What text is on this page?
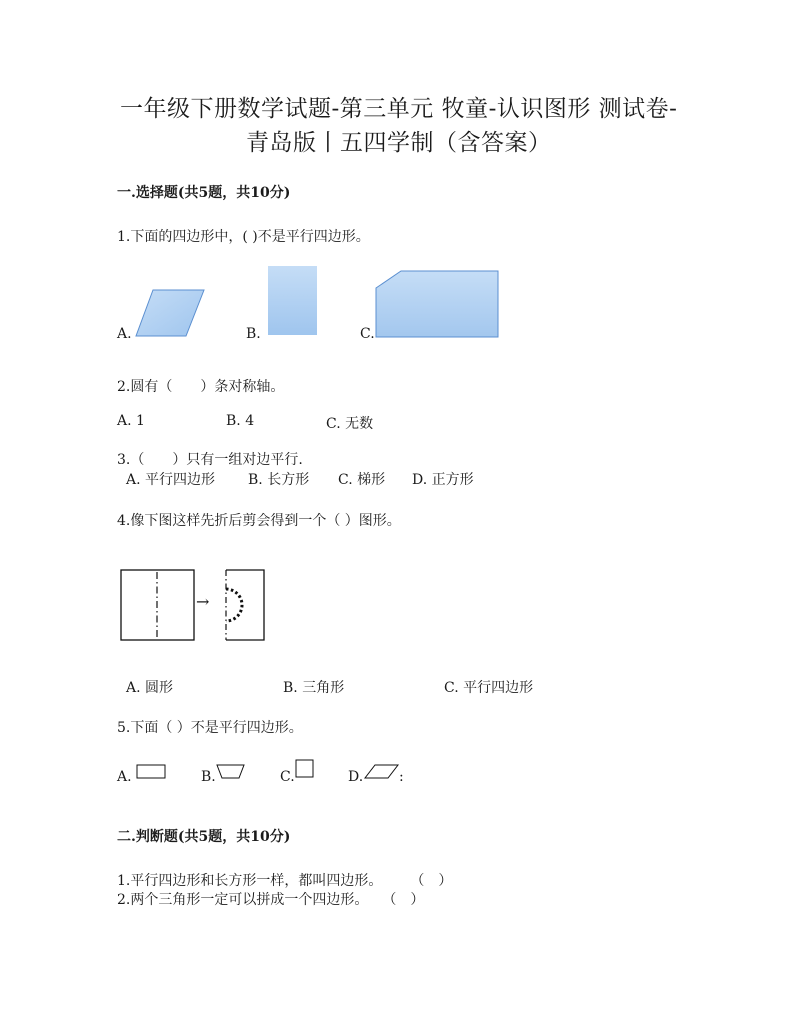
一年级下册数学试题-第三单元 牧童-认识图形 测试卷-
青岛版丨五四学制（含答案）
一.选择题(共5题，共10分)
1.下面的四边形中，( )不是平行四边形。
A.	B.	C.
2.圆有（　　）条对称轴。
A. 1	B. 4	C. 无数
3.（　　）只有一组对边平行.
A. 平行四边形 B. 长方形 C. 梯形 D. 正方形
4.像下图这样先折后剪会得到一个（ ）图形。
→
A. 圆形	B. 三角形	C. 平行四边形
5.下面（ ）不是平行四边形。
A.	B.	C.	D.	:
二.判断题(共5题，共10分)
1.平行四边形和长方形一样，都叫四边形。　　　（　）
2.两个三角形一定可以拼成一个四边形。　　（　）
